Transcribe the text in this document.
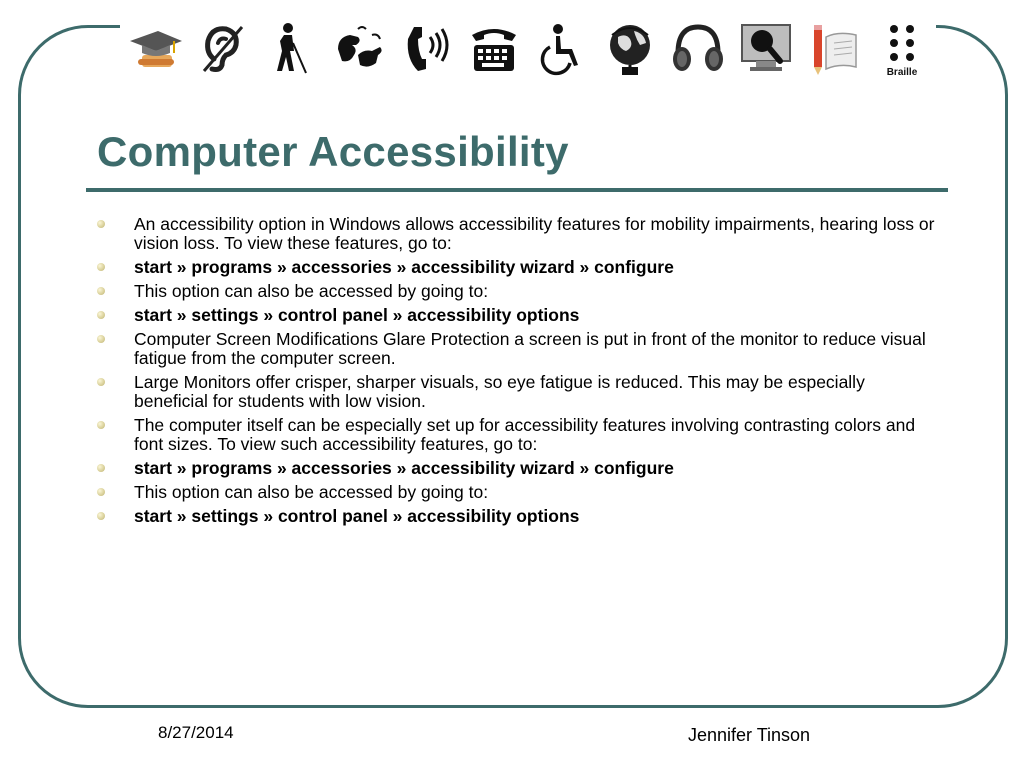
Braille
Computer Accessibility
An accessibility option in Windows allows accessibility features for mobility impairments, hearing loss or vision loss. To view these features, go to:
start » programs » accessories » accessibility wizard » configure
This option can also be accessed by going to:
start » settings » control panel » accessibility options
Computer Screen Modifications Glare Protection a screen is put in front of the monitor to reduce visual fatigue from the computer screen.
Large Monitors offer crisper, sharper visuals, so eye fatigue is reduced. This may be especially beneficial for students with low vision.
The computer itself can be especially set up for accessibility features involving contrasting colors and font sizes. To view such accessibility features, go to:
start » programs » accessories » accessibility wizard » configure
This option can also be accessed by going to:
start » settings » control panel » accessibility options
8/27/2014	Jennifer Tinson
